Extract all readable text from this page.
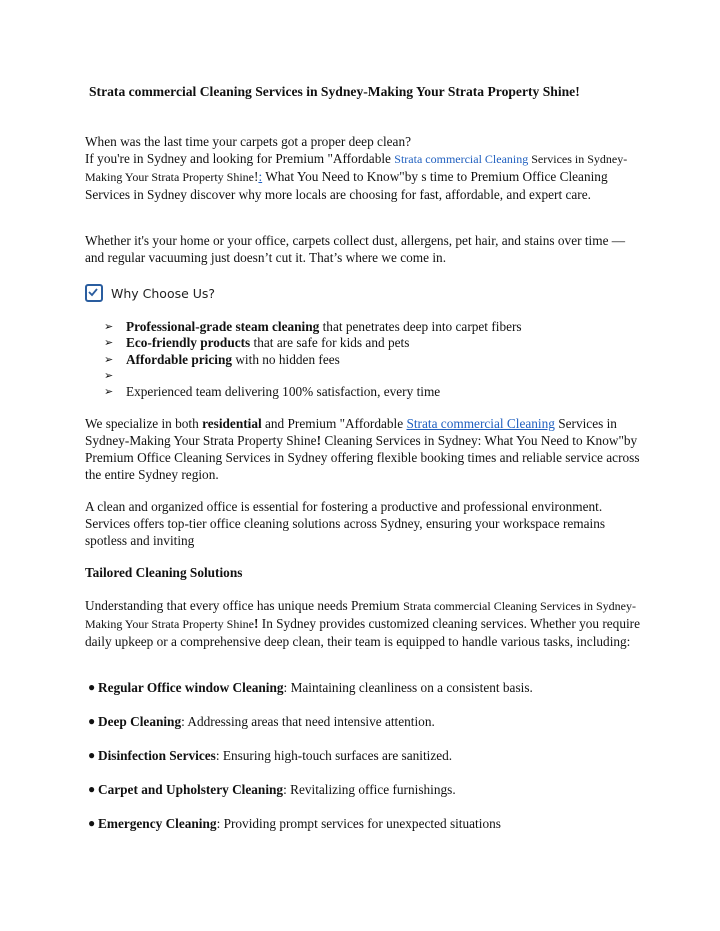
Strata commercial Cleaning Services in Sydney-Making Your Strata Property Shine!
When was the last time your carpets got a proper deep clean?
If you're in Sydney and looking for Premium "Affordable Strata commercial Cleaning Services in Sydney-Making Your Strata Property Shine!: What You Need to Know"by s time to Premium Office Cleaning Services in Sydney discover why more locals are choosing for fast, affordable, and expert care.
Whether it's your home or your office, carpets collect dust, allergens, pet hair, and stains over time — and regular vacuuming just doesn’t cut it. That’s where we come in.
Why Choose Us?
➢ Professional-grade steam cleaning that penetrates deep into carpet fibers
➢ Eco-friendly products that are safe for kids and pets
➢ Affordable pricing with no hidden fees
➢
➢ Experienced team delivering 100% satisfaction, every time
We specialize in both residential and Premium "Affordable Strata commercial Cleaning Services in Sydney-Making Your Strata Property Shine! Cleaning Services in Sydney: What You Need to Know"by Premium Office Cleaning Services in Sydney offering flexible booking times and reliable service across the entire Sydney region.
A clean and organized office is essential for fostering a productive and professional environment. Services offers top-tier office cleaning solutions across Sydney, ensuring your workspace remains spotless and inviting
Tailored Cleaning Solutions
Understanding that every office has unique needs Premium Strata commercial Cleaning Services in Sydney-Making Your Strata Property Shine! In Sydney provides customized cleaning services. Whether you require daily upkeep or a comprehensive deep clean, their team is equipped to handle various tasks, including:
● Regular Office window Cleaning: Maintaining cleanliness on a consistent basis.
● Deep Cleaning: Addressing areas that need intensive attention.
● Disinfection Services: Ensuring high-touch surfaces are sanitized.
● Carpet and Upholstery Cleaning: Revitalizing office furnishings.
● Emergency Cleaning: Providing prompt services for unexpected situations
